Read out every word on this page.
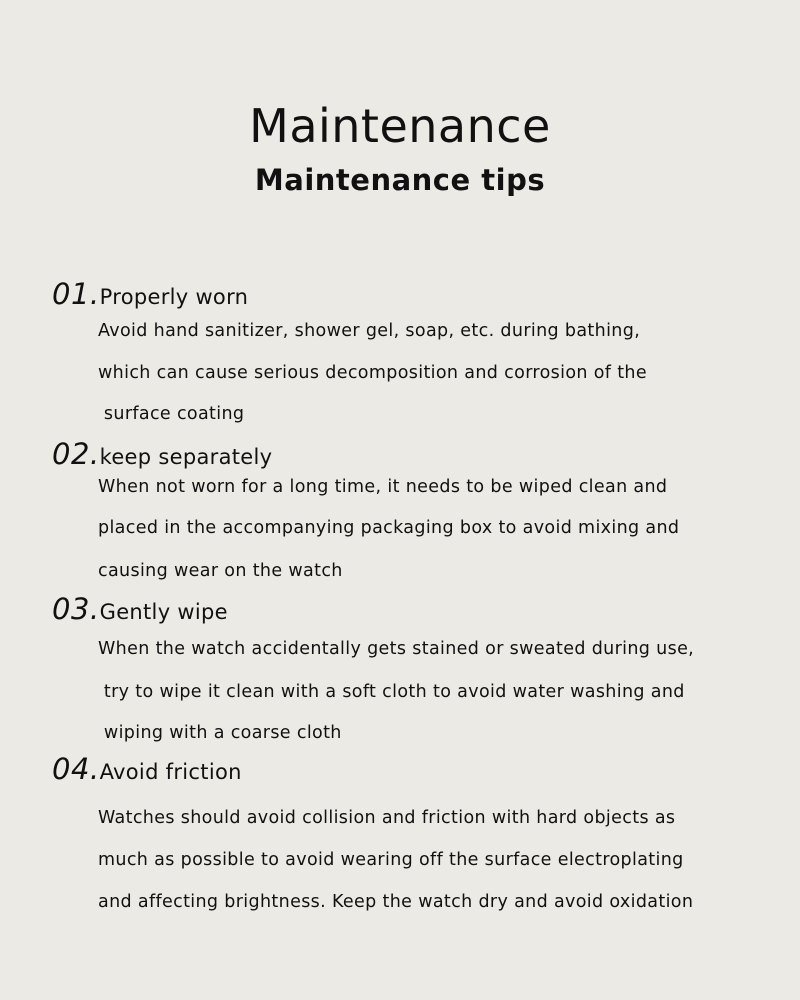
Maintenance
Maintenance tips
01.Properly worn
Avoid hand sanitizer, shower gel, soap, etc. during bathing,
which can cause serious decomposition and corrosion of the
surface coating
02.keep separately
When not worn for a long time, it needs to be wiped clean and
placed in the accompanying packaging box to avoid mixing and
causing wear on the watch
03.Gently wipe
When the watch accidentally gets stained or sweated during use,
try to wipe it clean with a soft cloth to avoid water washing and
wiping with a coarse cloth
04.Avoid friction
Watches should avoid collision and friction with hard objects as
much as possible to avoid wearing off the surface electroplating
and affecting brightness. Keep the watch dry and avoid oxidation
